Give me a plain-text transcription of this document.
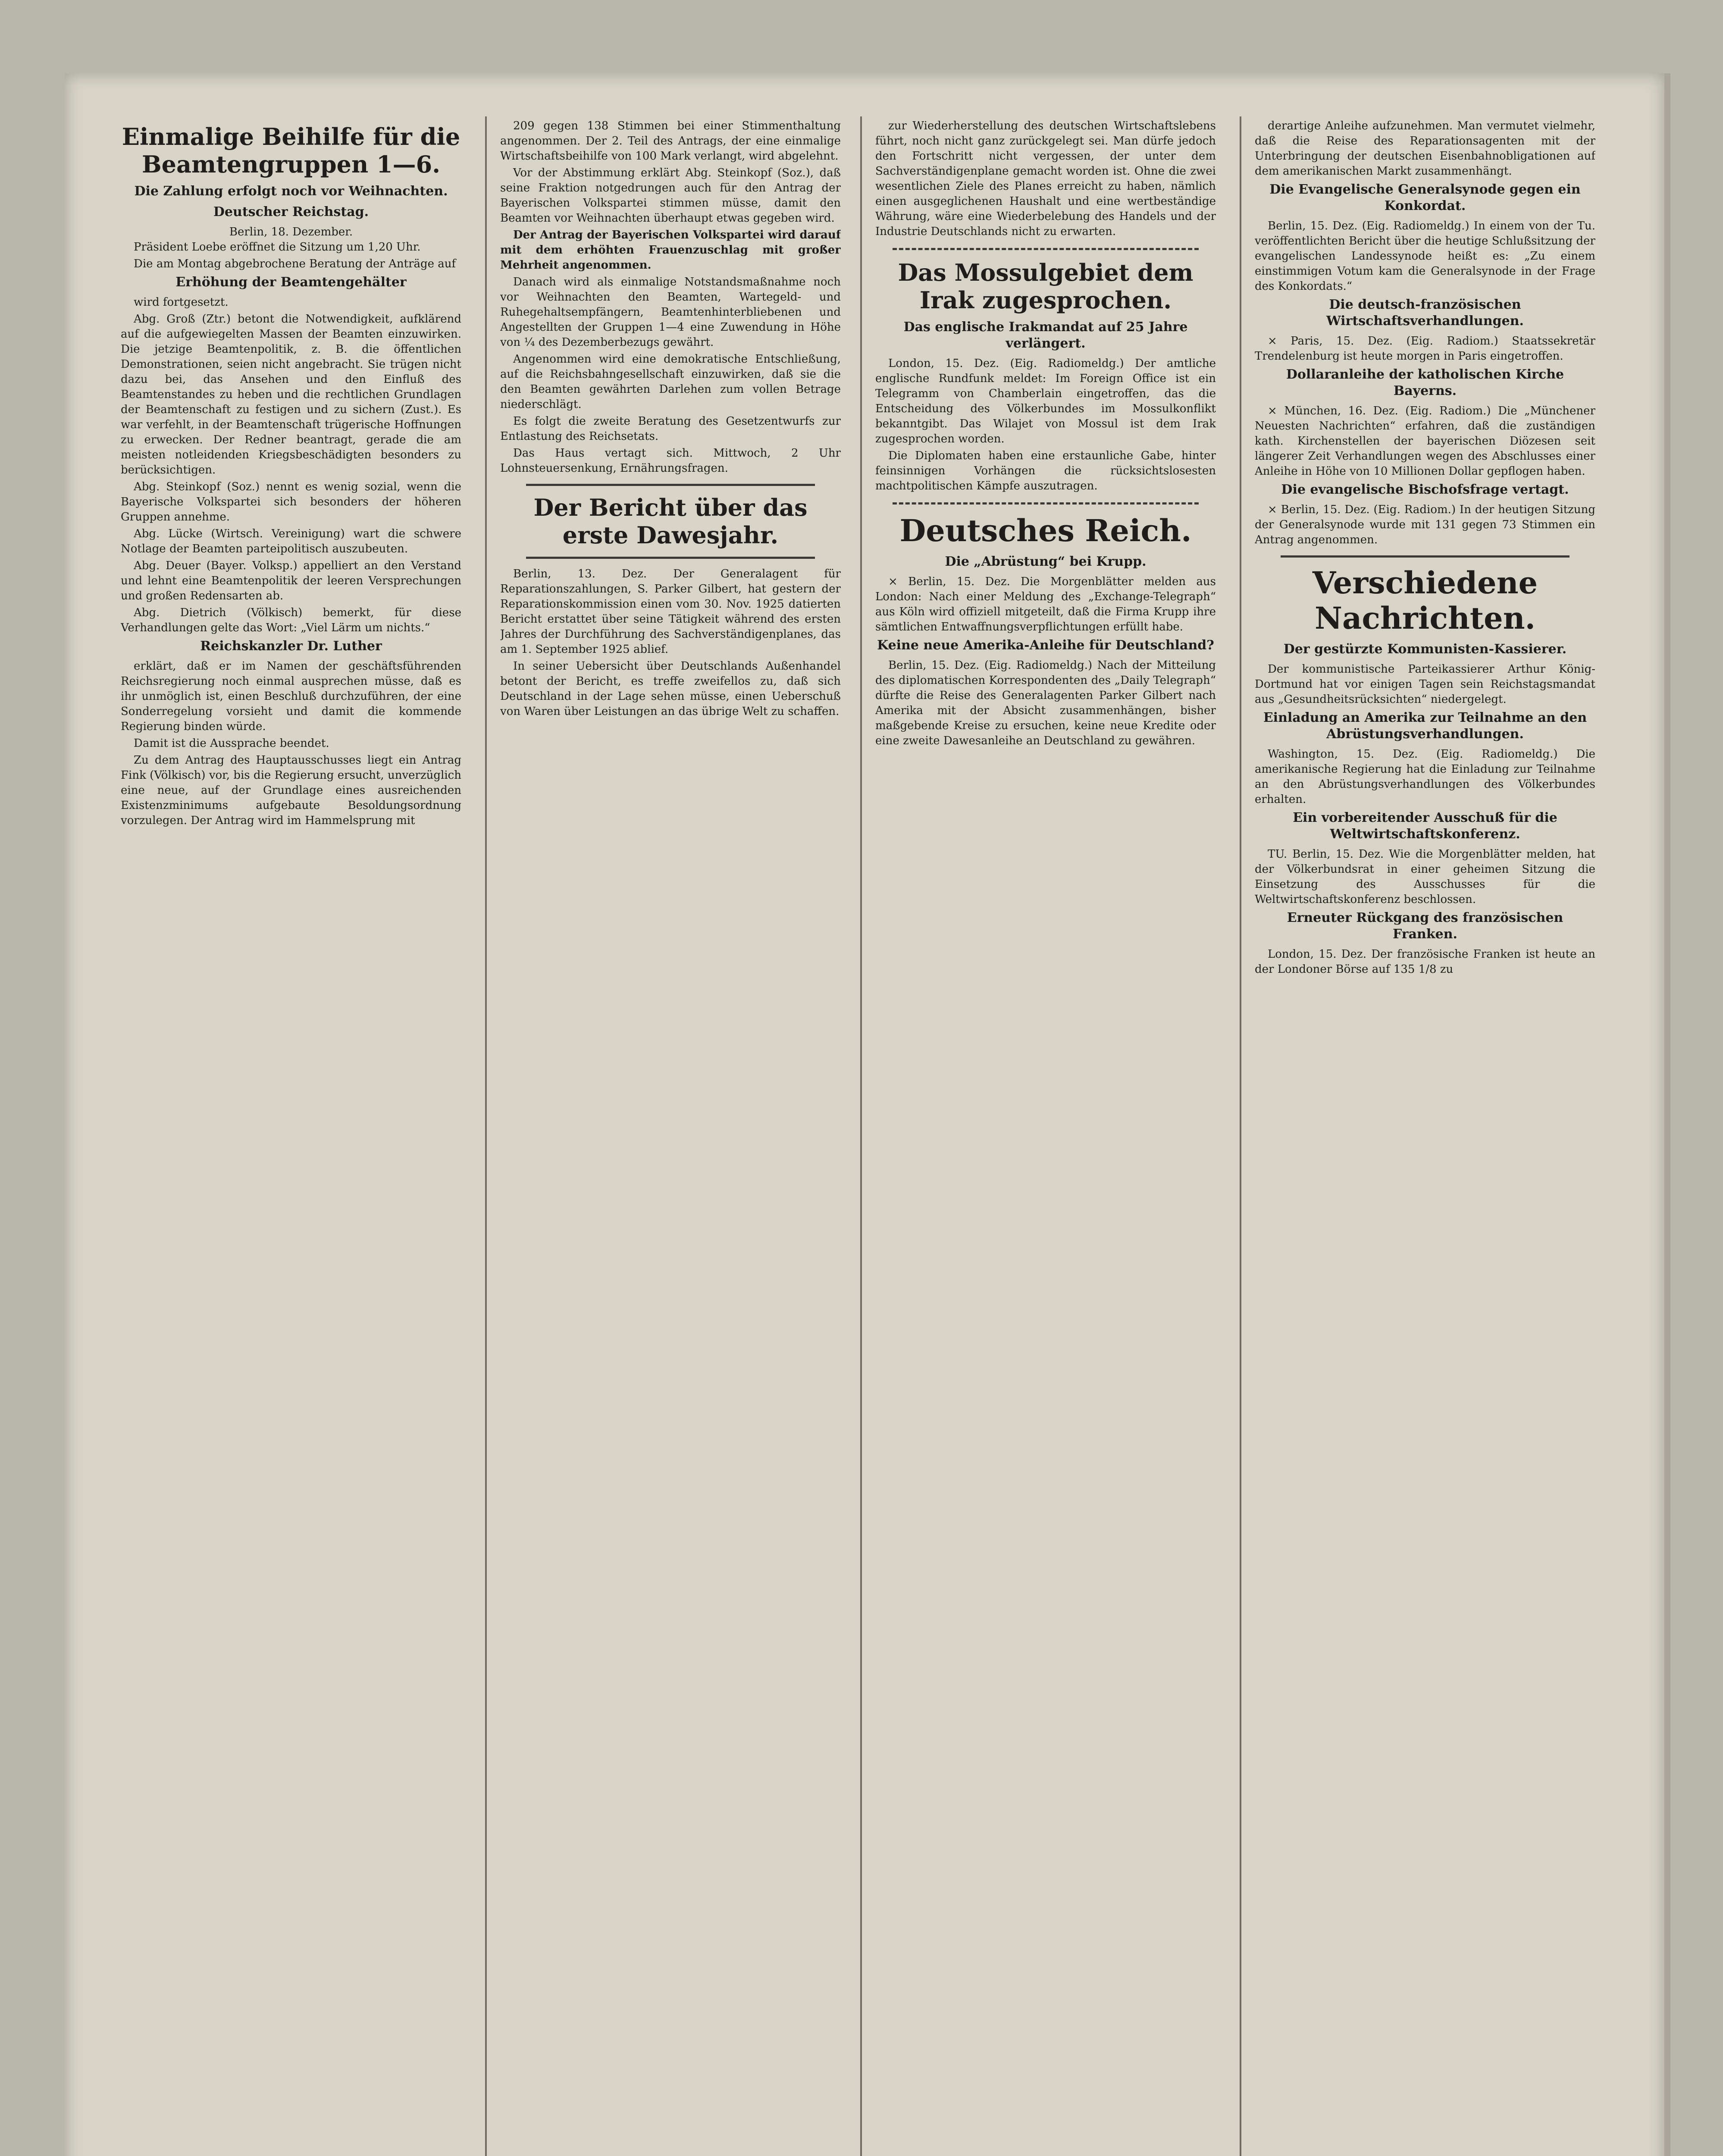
Einmalige Beihilfe für die Beamtengruppen 1—6.
Die Zahlung erfolgt noch vor Weihnachten.
Deutscher Reichstag.
Berlin, 18. Dezember.

Präsident Loebe eröffnet die Sitzung um 1,20 Uhr.

Die am Montag abgebrochene Beratung der Anträge auf

Erhöhung der Beamtengehälter

wird fortgesetzt.

Abg. Groß (Ztr.) betont die Notwendigkeit, aufklärend auf die aufgewiegelten Massen der Beamten einzuwirken. Die jetzige Beamtenpolitik, z. B. die öffentlichen Demonstrationen, seien nicht angebracht. Sie trügen nicht dazu bei, das Ansehen und den Einfluß des Beamtenstandes zu heben und die rechtlichen Grundlagen der Beamtenschaft zu festigen und zu sichern (Zust.). Es war verfehlt, in der Beamtenschaft trügerische Hoffnungen zu erwecken. Der Redner beantragt, gerade die am meisten notleidenden Kriegsbeschädigten besonders zu berücksichtigen.

Abg. Steinkopf (Soz.) nennt es wenig sozial, wenn die Bayerische Volkspartei sich besonders der höheren Gruppen annehme.

Abg. Lücke (Wirtsch. Vereinigung) wart die schwere Notlage der Beamten parteipolitisch auszubeuten.

Abg. Deuer (Bayer. Volksp.) appelliert an den Verstand und lehnt eine Beamtenpolitik der leeren Versprechungen und großen Redensarten ab.

Abg. Dietrich (Völkisch) bemerkt, für diese Verhandlungen gelte das Wort: „Viel Lärm um nichts.“

Reichskanzler Dr. Luther

erklärt, daß er im Namen der geschäftsführenden Reichsregierung noch einmal ausprechen müsse, daß es ihr unmöglich ist, einen Beschluß durchzuführen, der eine Sonderregelung vorsieht und damit die kommende Regierung binden würde.

Damit ist die Aussprache beendet.

Zu dem Antrag des Hauptausschusses liegt ein Antrag Fink (Völkisch) vor, bis die Regierung ersucht, unverzüglich eine neue, auf der Grundlage eines ausreichenden Existenzminimums aufgebaute Besoldungsordnung vorzulegen. Der Antrag wird im Hammelsprung mit

209 gegen 138 Stimmen bei einer Stimmenthaltung angenommen. Der 2. Teil des Antrags, der eine einmalige Wirtschaftsbeihilfe von 100 Mark verlangt, wird abgelehnt.

Vor der Abstimmung erklärt Abg. Steinkopf (Soz.), daß seine Fraktion notgedrungen auch für den Antrag der Bayerischen Volkspartei stimmen müsse, damit den Beamten vor Weihnachten überhaupt etwas gegeben wird.

Der Antrag der Bayerischen Volkspartei wird darauf mit dem erhöhten Frauenzuschlag mit großer Mehrheit angenommen.

Danach wird als einmalige Notstandsmaßnahme noch vor Weihnachten den Beamten, Wartegeld- und Ruhegehaltsempfängern, Beamtenhinterbliebenen und Angestellten der Gruppen 1—4 eine Zuwendung in Höhe von ¼ des Dezemberbezugs gewährt.

Angenommen wird eine demokratische Entschließung, auf die Reichsbahngesellschaft einzuwirken, daß sie die den Beamten gewährten Darlehen zum vollen Betrage niederschlägt.

Es folgt die zweite Beratung des Gesetzentwurfs zur Entlastung des Reichsetats.

Das Haus vertagt sich. Mittwoch, 2 Uhr Lohnsteuersenkung, Ernährungsfragen.

Der Bericht über das erste Dawesjahr.

Berlin, 13. Dez. Der Generalagent für Reparationszahlungen, S. Parker Gilbert, hat gestern der Reparationskommission einen vom 30. Nov. 1925 datierten Bericht erstattet über seine Tätigkeit während des ersten Jahres der Durchführung des Sachverständigenplanes, das am 1. September 1925 ablief.

In seiner Uebersicht über Deutschlands Außenhandel betont der Bericht, es treffe zweifellos zu, daß sich Deutschland in der Lage sehen müsse, einen Ueberschuß von Waren über Leistungen an das übrige Welt zu schaffen.

zur Wiederherstellung des deutschen Wirtschaftslebens führt, noch nicht ganz zurückgelegt sei. Man dürfe jedoch den Fortschritt nicht vergessen, der unter dem Sachverständigenplane gemacht worden ist. Ohne die zwei wesentlichen Ziele des Planes erreicht zu haben, nämlich einen ausgeglichenen Haushalt und eine wertbeständige Währung, wäre eine Wiederbelebung des Handels und der Industrie Deutschlands nicht zu erwarten.

Das Mossulgebiet dem Irak zugesprochen.
Das englische Irakmandat auf 25 Jahre verlängert.

London, 15. Dez. (Eig. Radiomeldg.) Der amtliche englische Rundfunk meldet: Im Foreign Office ist ein Telegramm von Chamberlain eingetroffen, das die Entscheidung des Völkerbundes im Mossulkonflikt bekanntgibt. Das Wilajet von Mossul ist dem Irak zugesprochen worden.

Die Diplomaten haben eine erstaunliche Gabe, hinter feinsinnigen Vorhängen die rücksichtslosesten machtpolitischen Kämpfe auszutragen.

Deutsches Reich.
Die „Abrüstung“ bei Krupp.

× Berlin, 15. Dez. Die Morgenblätter melden aus London: Nach einer Meldung des „Exchange-Telegraph“ aus Köln wird offiziell mitgeteilt, daß die Firma Krupp ihre sämtlichen Entwaffnungsverpflichtungen erfüllt habe.

Keine neue Amerika-Anleihe für Deutschland?

Berlin, 15. Dez. (Eig. Radiomeldg.) Nach der Mitteilung des diplomatischen Korrespondenten des „Daily Telegraph“ dürfte die Reise des Generalagenten Parker Gilbert nach Amerika mit der Absicht zusammenhängen, bisher maßgebende Kreise zu ersuchen, keine neue Kredite oder eine zweite Dawesanleihe an Deutschland zu gewähren.

derartige Anleihe aufzunehmen. Man vermutet vielmehr, daß die Reise des Reparationsagenten mit der Unterbringung der deutschen Eisenbahnobligationen auf dem amerikanischen Markt zusammenhängt.

Die Evangelische Generalsynode gegen ein Konkordat.

Berlin, 15. Dez. (Eig. Radiomeldg.) In einem von der Tu. veröffentlichten Bericht über die heutige Schlußsitzung der evangelischen Landessynode heißt es: „Zu einem einstimmigen Votum kam die Generalsynode in der Frage des Konkordats.“

Die deutsch-französischen Wirtschaftsverhandlungen.

× Paris, 15. Dez. (Eig. Radiom.) Staatssekretär Trendelenburg ist heute morgen in Paris eingetroffen.

Dollaranleihe der katholischen Kirche Bayerns.

× München, 16. Dez. (Eig. Radiom.) Die „Münchener Neuesten Nachrichten“ erfahren, daß die zuständigen kath. Kirchenstellen der bayerischen Diözesen seit längerer Zeit Verhandlungen wegen des Abschlusses einer Anleihe in Höhe von 10 Millionen Dollar gepflogen haben.

Die evangelische Bischofsfrage vertagt.

× Berlin, 15. Dez. (Eig. Radiom.) In der heutigen Sitzung der Generalsynode wurde mit 131 gegen 73 Stimmen ein Antrag angenommen.

Verschiedene Nachrichten.
Der gestürzte Kommunisten-Kassierer.

Der kommunistische Parteikassierer Arthur König-Dortmund hat vor einigen Tagen sein Reichstagsmandat aus „Gesundheitsrücksichten“ niedergelegt.

Einladung an Amerika zur Teilnahme an den Abrüstungsverhandlungen.

Washington, 15. Dez. (Eig. Radiomeldg.) Die amerikanische Regierung hat die Einladung zur Teilnahme an den Abrüstungsverhandlungen des Völkerbundes erhalten.

Ein vorbereitender Ausschuß für die Weltwirtschaftskonferenz.

TU. Berlin, 15. Dez. Wie die Morgenblätter melden, hat der Völkerbundsrat in einer geheimen Sitzung die Einsetzung des Ausschusses für die Weltwirtschaftskonferenz beschlossen.

Erneuter Rückgang des französischen Franken.

London, 15. Dez. Der französische Franken ist heute an der Londoner Börse auf 135 1/8 zu
